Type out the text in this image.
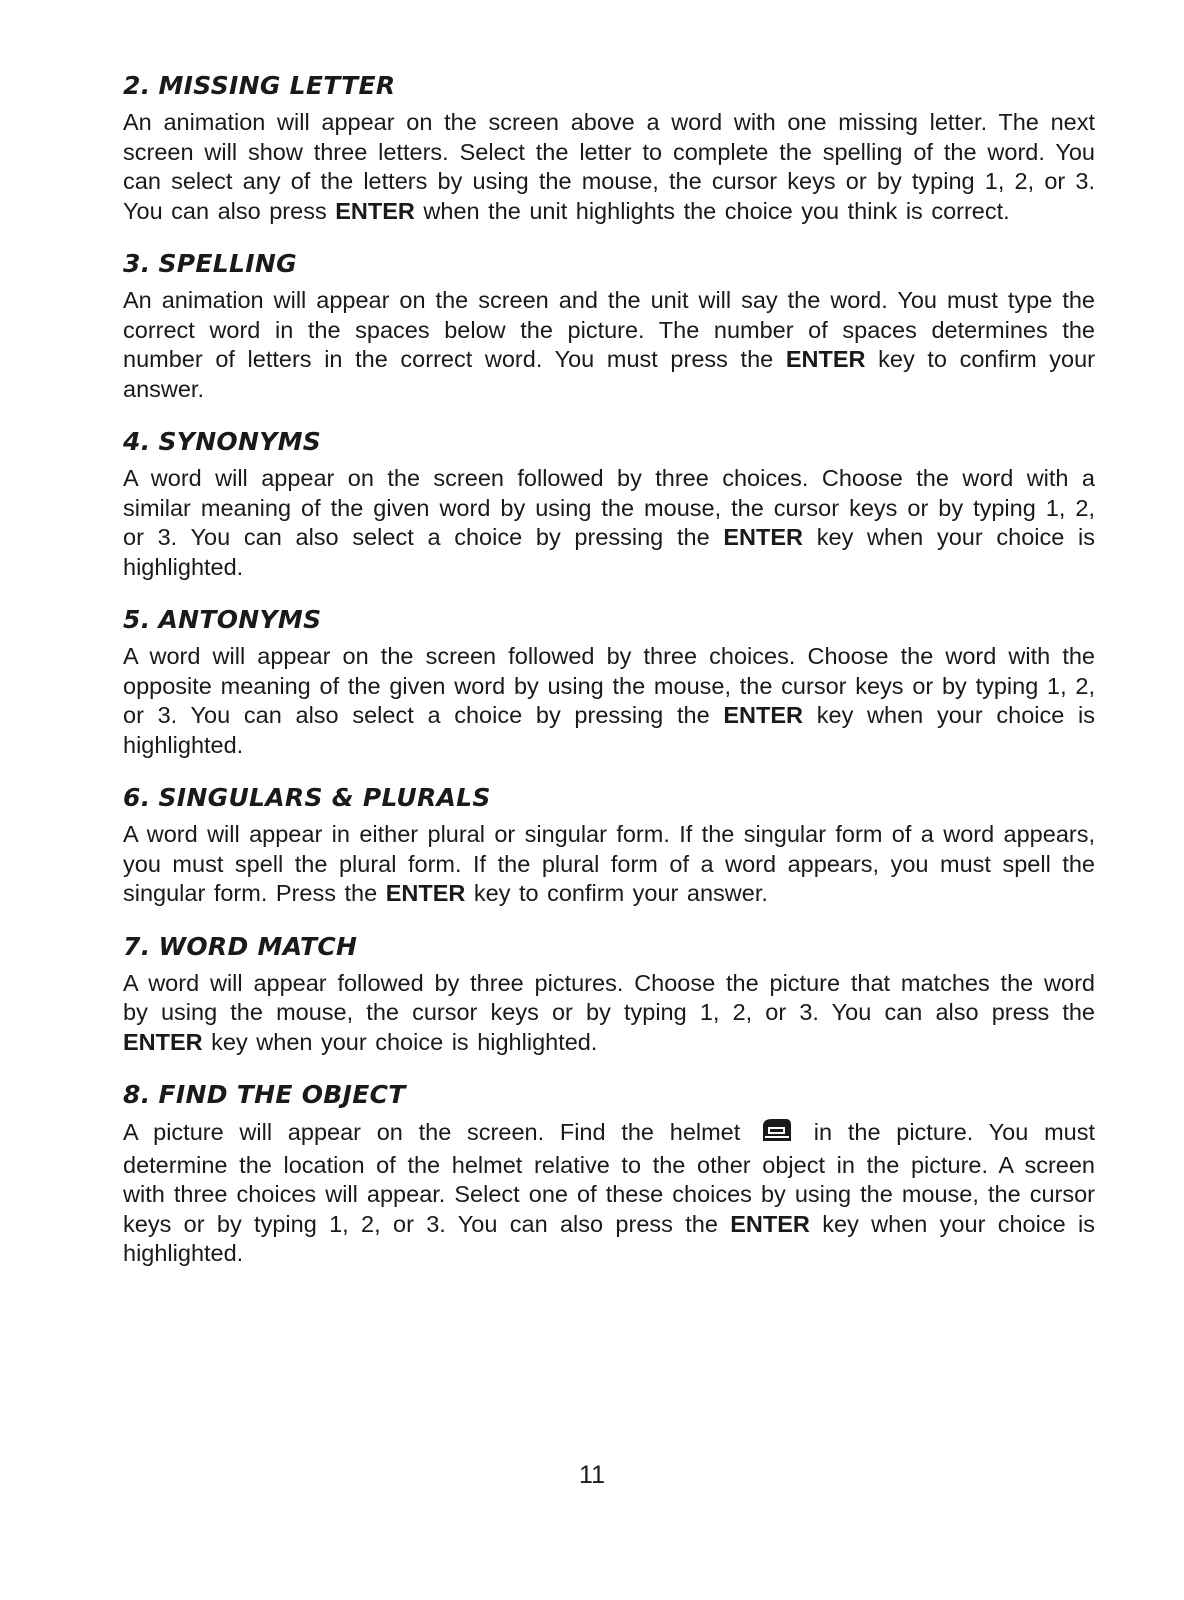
2. MISSING LETTER

An animation will appear on the screen above a word with one missing letter. The next screen will show three letters. Select the letter to complete the spelling of the word. You can select any of the letters by using the mouse, the cursor keys or by typing 1, 2, or 3. You can also press ENTER when the unit highlights the choice you think is correct.

3. SPELLING

An animation will appear on the screen and the unit will say the word. You must type the correct word in the spaces below the picture. The number of spaces determines the number of letters in the correct word. You must press the ENTER key to confirm your answer.

4. SYNONYMS

A word will appear on the screen followed by three choices. Choose the word with a similar meaning of the given word by using the mouse, the cursor keys or by typing 1, 2, or 3. You can also select a choice by pressing the ENTER key when your choice is highlighted.

5. ANTONYMS

A word will appear on the screen followed by three choices. Choose the word with the opposite meaning of the given word by using the mouse, the cursor keys or by typing 1, 2, or 3. You can also select a choice by pressing the ENTER key when your choice is highlighted.

6. SINGULARS & PLURALS

A word will appear in either plural or singular form. If the singular form of a word appears, you must spell the plural form. If the plural form of a word appears, you must spell the singular form. Press the ENTER key to confirm your answer.

7. WORD MATCH

A word will appear followed by three pictures. Choose the picture that matches the word by using the mouse, the cursor keys or by typing 1, 2, or 3. You can also press the ENTER key when your choice is highlighted.

8. FIND THE OBJECT

A picture will appear on the screen. Find the helmet  in the picture. You must determine the location of the helmet relative to the other object in the picture. A screen with three choices will appear. Select one of these choices by using the mouse, the cursor keys or by typing 1, 2, or 3. You can also press the ENTER key when your choice is highlighted.

11
